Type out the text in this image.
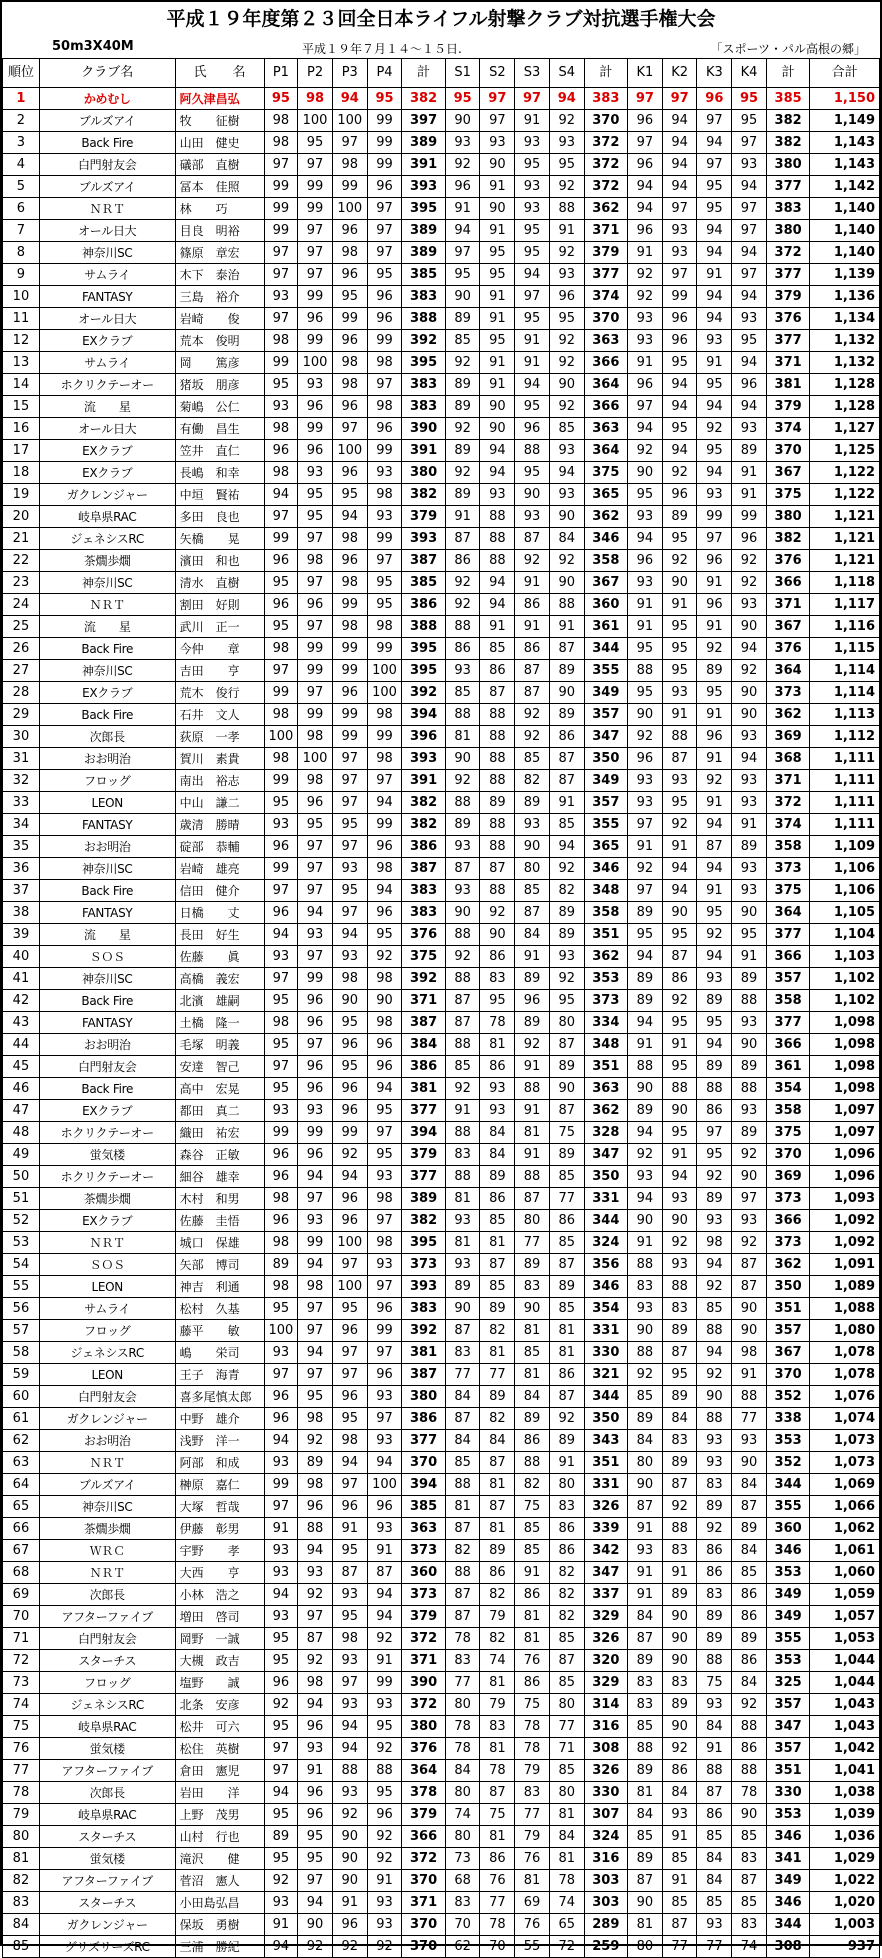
平成１９年度第２３回全日本ライフル射撃クラブ対抗選手権大会
50m3X40M	平成１９年７月１４～１５日.	「スポーツ・パル高根の郷」
順位	クラブ名	氏　　名	P1	P2	P3	P4	計	S1	S2	S3	S4	計	K1	K2	K3	K4	計	合計
1	かめむし	阿久津昌弘	95	98	94	95	382	95	97	97	94	383	97	97	96	95	385	1,150
2	ブルズアイ	牧　　征樹	98	100	100	99	397	90	97	91	92	370	96	94	97	95	382	1,149
3	Back Fire	山田　健史	98	95	97	99	389	93	93	93	93	372	97	94	94	97	382	1,143
4	白門射友会	礒部　直樹	97	97	98	99	391	92	90	95	95	372	96	94	97	93	380	1,143
5	ブルズアイ	冨本　佳照	99	99	99	96	393	96	91	93	92	372	94	94	95	94	377	1,142
6	ＮＲＴ	林　　巧	99	99	100	97	395	91	90	93	88	362	94	97	95	97	383	1,140
7	オール日大	目良　明裕	99	97	96	97	389	94	91	95	91	371	96	93	94	97	380	1,140
8	神奈川SC	篠原　章宏	97	97	98	97	389	97	95	95	92	379	91	93	94	94	372	1,140
9	サムライ	木下　泰治	97	97	96	95	385	95	95	94	93	377	92	97	91	97	377	1,139
10	FANTASY	三島　裕介	93	99	95	96	383	90	91	97	96	374	92	99	94	94	379	1,136
11	オール日大	岩崎　　俊	97	96	99	96	388	89	91	95	95	370	93	96	94	93	376	1,134
12	EXクラブ	荒本　俊明	98	99	96	99	392	85	95	91	92	363	93	96	93	95	377	1,132
13	サムライ	岡　　篤彦	99	100	98	98	395	92	91	91	92	366	91	95	91	94	371	1,132
14	ホクリクテーオー	猪坂　朋彦	95	93	98	97	383	89	91	94	90	364	96	94	95	96	381	1,128
15	流　　星	菊嶋　公仁	93	96	96	98	383	89	90	95	92	366	97	94	94	94	379	1,128
16	オール日大	有働　昌生	98	99	97	96	390	92	90	96	85	363	94	95	92	93	374	1,127
17	EXクラブ	笠井　直仁	96	96	100	99	391	89	94	88	93	364	92	94	95	89	370	1,125
18	EXクラブ	長嶋　和幸	98	93	96	93	380	92	94	95	94	375	90	92	94	91	367	1,122
19	ガクレンジャー	中垣　賢祐	94	95	95	98	382	89	93	90	93	365	95	96	93	91	375	1,122
20	岐阜県RAC	多田　良也	97	95	94	93	379	91	88	93	90	362	93	89	99	99	380	1,121
21	ジェネシスRC	矢橋　　晃	99	97	98	99	393	87	88	87	84	346	94	95	97	96	382	1,121
22	茶燗歩燗	濱田　和也	96	98	96	97	387	86	88	92	92	358	96	92	96	92	376	1,121
23	神奈川SC	清水　直樹	95	97	98	95	385	92	94	91	90	367	93	90	91	92	366	1,118
24	ＮＲＴ	割田　好則	96	96	99	95	386	92	94	86	88	360	91	91	96	93	371	1,117
25	流　　星	武川　正一	95	97	98	98	388	88	91	91	91	361	91	95	91	90	367	1,116
26	Back Fire	今仲　　章	98	99	99	99	395	86	85	86	87	344	95	95	92	94	376	1,115
27	神奈川SC	吉田　　亨	97	99	99	100	395	93	86	87	89	355	88	95	89	92	364	1,114
28	EXクラブ	荒木　俊行	99	97	96	100	392	85	87	87	90	349	95	93	95	90	373	1,114
29	Back Fire	石井　文人	98	99	99	98	394	88	88	92	89	357	90	91	91	90	362	1,113
30	次郎長	荻原　一孝	100	98	99	99	396	81	88	92	86	347	92	88	96	93	369	1,112
31	おお明治	賀川　素貴	98	100	97	98	393	90	88	85	87	350	96	87	91	94	368	1,111
32	フロッグ	南出　裕志	99	98	97	97	391	92	88	82	87	349	93	93	92	93	371	1,111
33	LEON	中山　謙二	95	96	97	94	382	88	89	89	91	357	93	95	91	93	372	1,111
34	FANTASY	歳清　勝晴	93	95	95	99	382	89	88	93	85	355	97	92	94	91	374	1,111
35	おお明治	碇部　恭輔	96	97	97	96	386	93	88	90	94	365	91	91	87	89	358	1,109
36	神奈川SC	岩崎　雄亮	99	97	93	98	387	87	87	80	92	346	92	94	94	93	373	1,106
37	Back Fire	信田　健介	97	97	95	94	383	93	88	85	82	348	97	94	91	93	375	1,106
38	FANTASY	日橋　　丈	96	94	97	96	383	90	92	87	89	358	89	90	95	90	364	1,105
39	流　　星	長田　好生	94	93	94	95	376	88	90	84	89	351	95	95	92	95	377	1,104
40	ＳＯＳ	佐藤　　眞	93	97	93	92	375	92	86	91	93	362	94	87	94	91	366	1,103
41	神奈川SC	高橋　義宏	97	99	98	98	392	88	83	89	92	353	89	86	93	89	357	1,102
42	Back Fire	北濱　雄嗣	95	96	90	90	371	87	95	96	95	373	89	92	89	88	358	1,102
43	FANTASY	土橋　隆一	98	96	95	98	387	87	78	89	80	334	94	95	95	93	377	1,098
44	おお明治	毛塚　明義	95	97	96	96	384	88	81	92	87	348	91	91	94	90	366	1,098
45	白門射友会	安達　智己	97	96	95	96	386	85	86	91	89	351	88	95	89	89	361	1,098
46	Back Fire	高中　宏晃	95	96	96	94	381	92	93	88	90	363	90	88	88	88	354	1,098
47	EXクラブ	都田　真二	93	93	96	95	377	91	93	91	87	362	89	90	86	93	358	1,097
48	ホクリクテーオー	織田　祐宏	99	99	99	97	394	88	84	81	75	328	94	95	97	89	375	1,097
49	蛍気楼	森谷　正敏	96	96	92	95	379	83	84	91	89	347	92	91	95	92	370	1,096
50	ホクリクテーオー	細谷　雄幸	96	94	94	93	377	88	89	88	85	350	93	94	92	90	369	1,096
51	茶燗歩燗	木村　和男	98	97	96	98	389	81	86	87	77	331	94	93	89	97	373	1,093
52	EXクラブ	佐藤　圭悟	96	93	96	97	382	93	85	80	86	344	90	90	93	93	366	1,092
53	ＮＲＴ	城口　保雄	98	99	100	98	395	81	81	77	85	324	91	92	98	92	373	1,092
54	ＳＯＳ	矢部　博司	89	94	97	93	373	93	87	89	87	356	88	93	94	87	362	1,091
55	LEON	神吉　利通	98	98	100	97	393	89	85	83	89	346	83	88	92	87	350	1,089
56	サムライ	松村　久基	95	97	95	96	383	90	89	90	85	354	93	83	85	90	351	1,088
57	フロッグ	藤平　　敏	100	97	96	99	392	87	82	81	81	331	90	89	88	90	357	1,080
58	ジェネシスRC	嶋　　栄司	93	94	97	97	381	83	81	85	81	330	88	87	94	98	367	1,078
59	LEON	王子　海青	97	97	97	96	387	77	77	81	86	321	92	95	92	91	370	1,078
60	白門射友会	喜多尾慎太郎	96	95	96	93	380	84	89	84	87	344	85	89	90	88	352	1,076
61	ガクレンジャー	中野　雄介	96	98	95	97	386	87	82	89	92	350	89	84	88	77	338	1,074
62	おお明治	浅野　洋一	94	92	98	93	377	84	84	86	89	343	84	83	93	93	353	1,073
63	ＮＲＴ	阿部　和成	93	89	94	94	370	85	87	88	91	351	80	89	93	90	352	1,073
64	ブルズアイ	榊原　嘉仁	99	98	97	100	394	88	81	82	80	331	90	87	83	84	344	1,069
65	神奈川SC	大塚　哲哉	97	96	96	96	385	81	87	75	83	326	87	92	89	87	355	1,066
66	茶燗歩燗	伊藤　彰男	91	88	91	93	363	87	81	85	86	339	91	88	92	89	360	1,062
67	ＷＲＣ	宇野　　孝	93	94	95	91	373	82	89	85	86	342	93	83	86	84	346	1,061
68	ＮＲＴ	大西　　亨	93	93	87	87	360	88	86	91	82	347	91	91	86	85	353	1,060
69	次郎長	小林　浩之	94	92	93	94	373	87	82	86	82	337	91	89	83	86	349	1,059
70	アフターファイブ	増田　啓司	93	97	95	94	379	87	79	81	82	329	84	90	89	86	349	1,057
71	白門射友会	岡野　一誠	95	87	98	92	372	78	82	81	85	326	87	90	89	89	355	1,053
72	スターチス	大槻　政吉	95	92	93	91	371	83	74	76	87	320	89	90	88	86	353	1,044
73	フロッグ	塩野　　誠	96	98	97	99	390	77	81	86	85	329	83	83	75	84	325	1,044
74	ジェネシスRC	北条　安彦	92	94	93	93	372	80	79	75	80	314	83	89	93	92	357	1,043
75	岐阜県RAC	松井　可六	95	96	94	95	380	78	83	78	77	316	85	90	84	88	347	1,043
76	蛍気楼	松住　英樹	97	93	94	92	376	78	81	78	71	308	88	92	91	86	357	1,042
77	アフターファイブ	倉田　憲児	97	91	88	88	364	84	78	79	85	326	89	86	88	88	351	1,041
78	次郎長	岩田　　洋	94	96	93	95	378	80	87	83	80	330	81	84	87	78	330	1,038
79	岐阜県RAC	上野　茂男	95	96	92	96	379	74	75	77	81	307	84	93	86	90	353	1,039
80	スターチス	山村　行也	89	95	90	92	366	80	81	79	84	324	85	91	85	85	346	1,036
81	蛍気楼	滝沢　　健	95	95	90	92	372	73	86	76	81	316	89	85	84	83	341	1,029
82	アフターファイブ	菅沼　憲人	92	97	90	91	370	68	76	81	78	303	87	91	84	87	349	1,022
83	スターチス	小田島弘昌	93	94	91	93	371	83	77	69	74	303	90	85	85	85	346	1,020
84	ガクレンジャー	保坂　勇樹	91	90	96	93	370	70	78	76	65	289	81	87	93	83	344	1,003
85	グリズリーズRC	三浦　勝紀	94	92	92	92	370	62	70	55	72	259	80	77	77	74	308	937
